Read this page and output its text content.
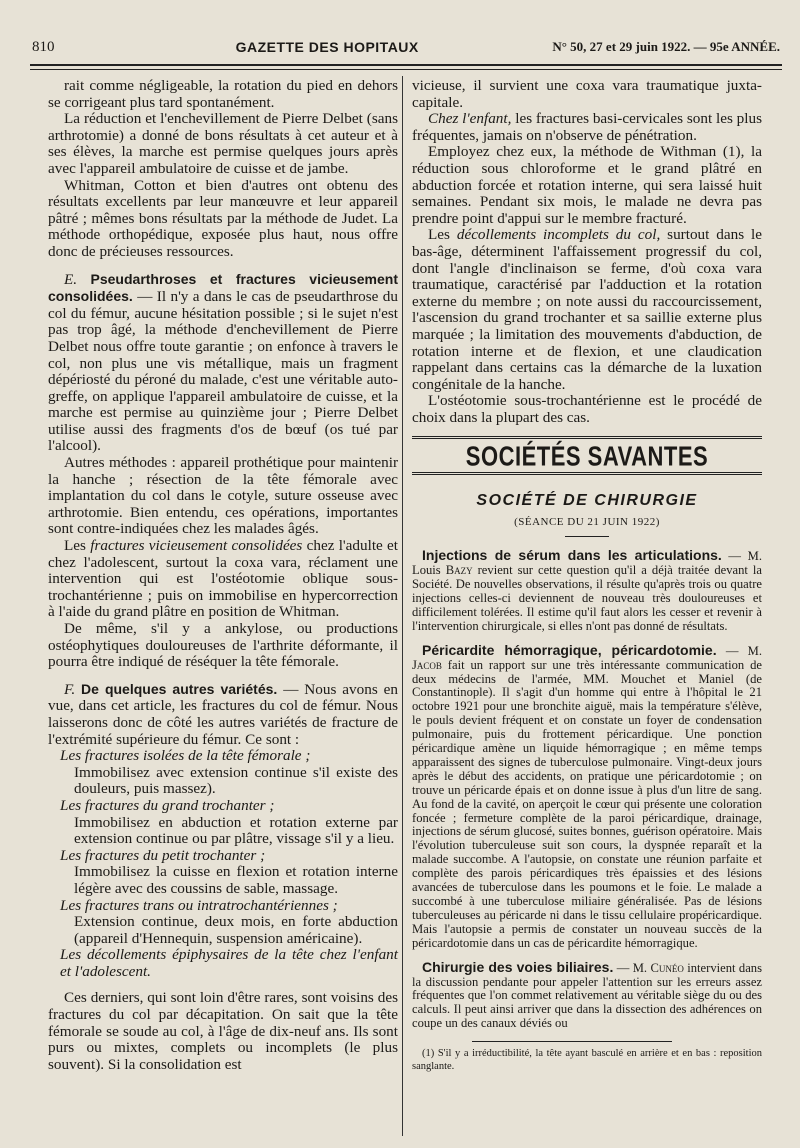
810	GAZETTE DES HOPITAUX	N° 50, 27 et 29 juin 1922. — 95e ANNÉE.

rait comme négligeable, la rotation du pied en dehors se corrigeant plus tard spontanément.

La réduction et l'enchevillement de Pierre Delbet (sans arthrotomie) a donné de bons résultats à cet auteur et à ses élèves, la marche est permise quelques jours après avec l'appareil ambulatoire de cuisse et de jambe.

Whitman, Cotton et bien d'autres ont obtenu des résultats excellents par leur manœuvre et leur appareil pâtré ; mêmes bons résultats par la méthode de Judet. La méthode orthopédique, exposée plus haut, nous offre donc de précieuses ressources.

E. Pseudarthroses et fractures vicieusement consolidées. — Il n'y a dans le cas de pseudarthrose du col du fémur, aucune hésitation possible ; si le sujet n'est pas trop âgé, la méthode d'enchevillement de Pierre Delbet nous offre toute garantie ; on enfonce à travers le col, non plus une vis métallique, mais un fragment dépériosté du péroné du malade, c'est une véritable auto-greffe, on applique l'appareil ambulatoire de cuisse, et la marche est permise au quinzième jour ; Pierre Delbet utilise aussi des fragments d'os de bœuf (os tué par l'alcool).

Autres méthodes : appareil prothétique pour maintenir la hanche ; résection de la tête fémorale avec implantation du col dans le cotyle, suture osseuse avec arthrotomie. Bien entendu, ces opérations, importantes sont contre-indiquées chez les malades âgés.

Les fractures vicieusement consolidées chez l'adulte et chez l'adolescent, surtout la coxa vara, réclament une intervention qui est l'ostéotomie oblique sous-trochantérienne ; puis on immobilise en hypercorrection à l'aide du grand plâtre en position de Whitman.

De même, s'il y a ankylose, ou productions ostéophytiques douloureuses de l'arthrite déformante, il pourra être indiqué de réséquer la tête fémorale.

F. De quelques autres variétés. — Nous avons en vue, dans cet article, les fractures du col de fémur. Nous laisserons donc de côté les autres variétés de fracture de l'extrémité supérieure du fémur. Ce sont :

Les fractures isolées de la tête fémorale ;

Immobilisez avec extension continue s'il existe des douleurs, puis massez).

Les fractures du grand trochanter ;

Immobilisez en abduction et rotation externe par extension continue ou par plâtre, vissage s'il y a lieu.

Les fractures du petit trochanter ;

Immobilisez la cuisse en flexion et rotation interne légère avec des coussins de sable, massage.

Les fractures trans ou intratrochantériennes ;

Extension continue, deux mois, en forte abduction (appareil d'Hennequin, suspension américaine).

Les décollements épiphysaires de la tête chez l'enfant et l'adolescent.

Ces derniers, qui sont loin d'être rares, sont voisins des fractures du col par décapitation. On sait que la tête fémorale se soude au col, à l'âge de dix-neuf ans. Ils sont purs ou mixtes, complets ou incomplets (le plus souvent). Si la consolidation est

vicieuse, il survient une coxa vara traumatique juxta-capitale.

Chez l'enfant, les fractures basi-cervicales sont les plus fréquentes, jamais on n'observe de pénétration.

Employez chez eux, la méthode de Withman (1), la réduction sous chloroforme et le grand plâtré en abduction forcée et rotation interne, qui sera laissé huit semaines. Pendant six mois, le malade ne devra pas prendre point d'appui sur le membre fracturé.

Les décollements incomplets du col, surtout dans le bas-âge, déterminent l'affaissement progressif du col, dont l'angle d'inclinaison se ferme, d'où coxa vara traumatique, caractérisé par l'adduction et la rotation externe du membre ; on note aussi du raccourcissement, l'ascension du grand trochanter et sa saillie externe plus marquée ; la limitation des mouvements d'abduction, de rotation interne et de flexion, et une claudication rappelant dans certains cas la démarche de la luxation congénitale de la hanche.

L'ostéotomie sous-trochantérienne est le procédé de choix dans la plupart des cas.

SOCIÉTÉS SAVANTES
SOCIÉTÉ DE CHIRURGIE
(SÉANCE DU 21 JUIN 1922)

Injections de sérum dans les articulations. — M. Louis Bazy revient sur cette question qu'il a déjà traitée devant la Société. De nouvelles observations, il résulte qu'après trois ou quatre injections celles-ci deviennent de nouveau très douloureuses et difficilement tolérées. Il estime qu'il faut alors les cesser et revenir à l'intervention chirurgicale, si elles n'ont pas donné de résultats.

Péricardite hémorragique, péricardotomie. — M. Jacob fait un rapport sur une très intéressante communication de deux médecins de l'armée, MM. Mouchet et Maniel (de Constantinople). Il s'agit d'un homme qui entre à l'hôpital le 21 octobre 1921 pour une bronchite aiguë, mais la température s'élève, le pouls devient fréquent et on constate un foyer de condensation pulmonaire, puis du frottement péricardique. Une ponction péricardique amène un liquide hémorragique ; en même temps apparaissent des signes de tuberculose pulmonaire. Vingt-deux jours après le début des accidents, on pratique une péricardotomie ; on trouve un péricarde épais et on donne issue à plus d'un litre de sang. Au fond de la cavité, on aperçoit le cœur qui présente une coloration foncée ; fermeture complète de la paroi péricardique, drainage, injections de sérum glucosé, suites bonnes, guérison opératoire. Mais l'évolution tuberculeuse suit son cours, la dyspnée reparaît et la malade succombe. A l'autopsie, on constate une réunion parfaite et complète des parois péricardiques très épaissies et des lésions avancées de tuberculose dans les poumons et le foie. Le malade a succombé à une tuberculose miliaire généralisée. Pas de lésions tuberculeuses au péricarde ni dans le tissu cellulaire propéricardique. Mais l'autopsie a permis de constater un nouveau succès de la péricardotomie dans un cas de péricardite hémorragique.

Chirurgie des voies biliaires. — M. Cunéo intervient dans la discussion pendante pour appeler l'attention sur les erreurs assez fréquentes que l'on commet relativement au véritable siège du ou des calculs. Il peut ainsi arriver que dans la dissection des adhérences on coupe un des canaux déviés ou

(1) S'il y a irréductibilité, la tête ayant basculé en arrière et en bas : reposition sanglante.
